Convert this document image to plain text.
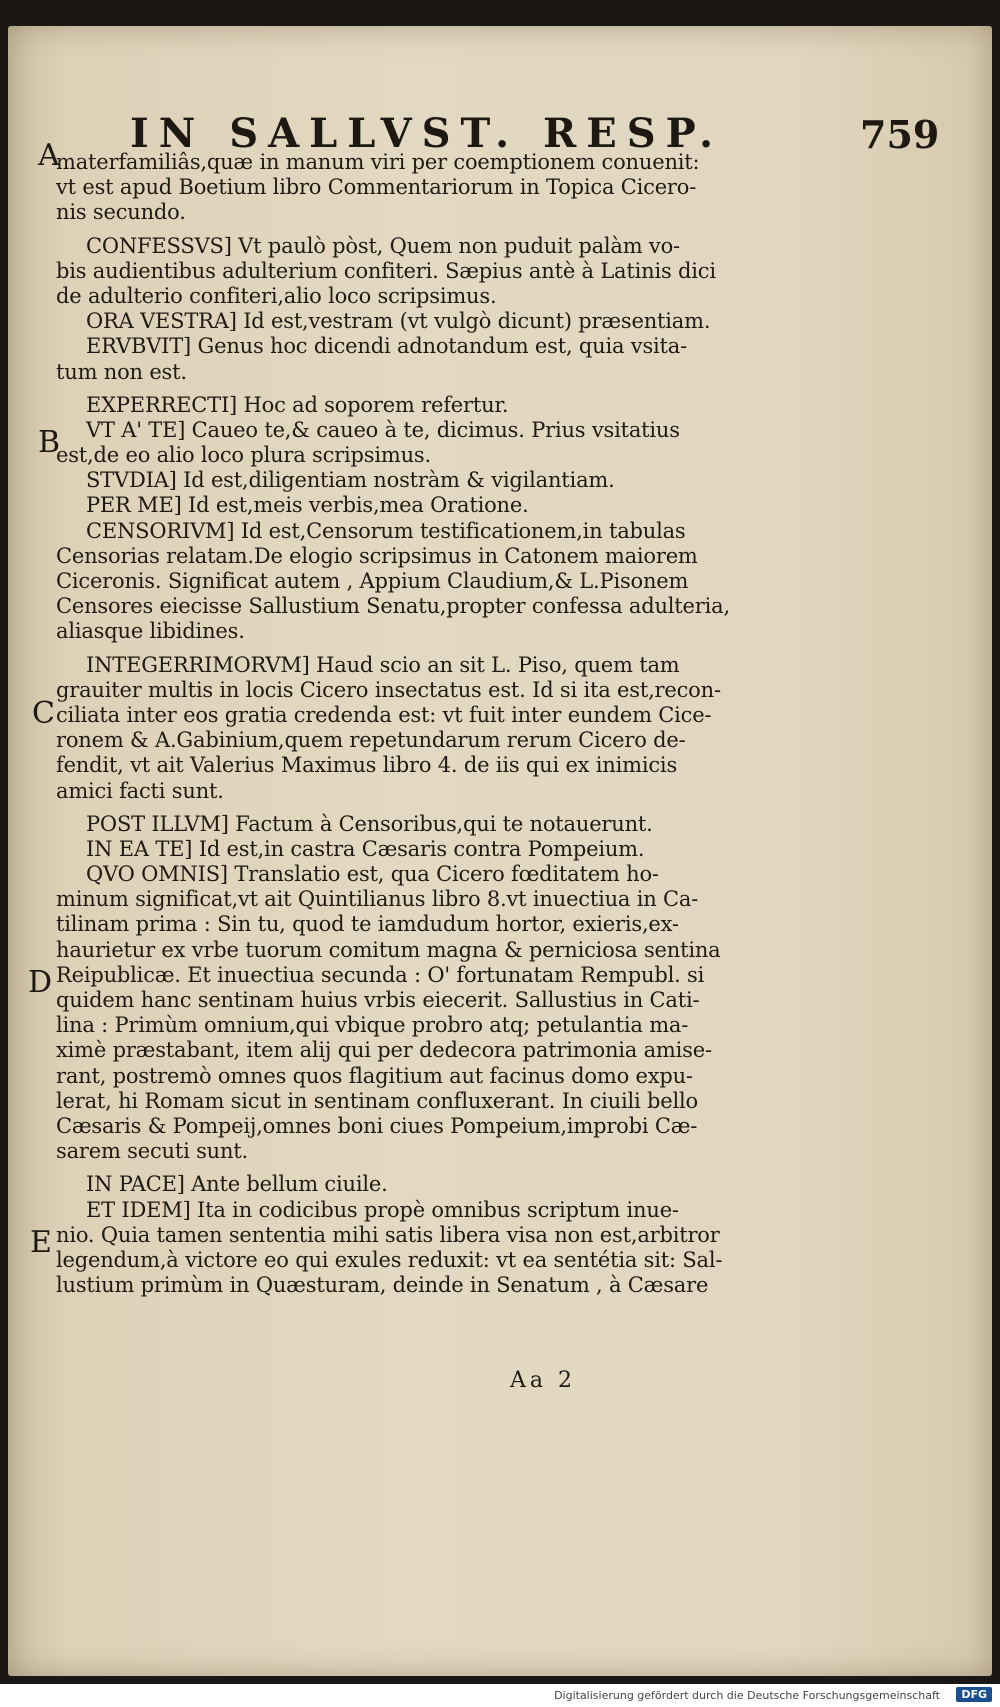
IN SALLVST. RESP.	759
A
B
C
D
E
materfamiliâs,quæ in manum viri per coemptionem conuenit:
vt est apud Boetium libro Commentariorum in Topica Cicero-
nis secundo.
CONFESSVS] Vt paulò pòst, Quem non puduit palàm vo-
bis audientibus adulterium confiteri. Sæpius antè à Latinis dici
de adulterio confiteri,alio loco scripsimus.
ORA VESTRA] Id est,vestram (vt vulgò dicunt) præsentiam.
ERVBVIT] Genus hoc dicendi adnotandum est, quia vsita-
tum non est.
EXPERRECTI] Hoc ad soporem refertur.
VT A' TE] Caueo te,& caueo à te, dicimus. Prius vsitatius
est,de eo alio loco plura scripsimus.
STVDIA] Id est,diligentiam nostràm & vigilantiam.
PER ME] Id est,meis verbis,mea Oratione.
CENSORIVM] Id est,Censorum testificationem,in tabulas
Censorias relatam.De elogio scripsimus in Catonem maiorem
Ciceronis. Significat autem , Appium Claudium,& L.Pisonem
Censores eiecisse Sallustium Senatu,propter confessa adulteria,
aliasque libidines.
INTEGERRIMORVM] Haud scio an sit L. Piso, quem tam
grauiter multis in locis Cicero insectatus est. Id si ita est,recon-
ciliata inter eos gratia credenda est: vt fuit inter eundem Cice-
ronem & A.Gabinium,quem repetundarum rerum Cicero de-
fendit, vt ait Valerius Maximus libro 4. de iis qui ex inimicis
amici facti sunt.
POST ILLVM] Factum à Censoribus,qui te notauerunt.
IN EA TE] Id est,in castra Cæsaris contra Pompeium.
QVO OMNIS] Translatio est, qua Cicero fœditatem ho-
minum significat,vt ait Quintilianus libro 8.vt inuectiua in Ca-
tilinam prima : Sin tu, quod te iamdudum hortor, exieris,ex-
haurietur ex vrbe tuorum comitum magna & perniciosa sentina
Reipublicæ. Et inuectiua secunda : O' fortunatam Rempubl. si
quidem hanc sentinam huius vrbis eiecerit. Sallustius in Cati-
lina : Primùm omnium,qui vbique probro atq; petulantia ma-
ximè præstabant, item alij qui per dedecora patrimonia amise-
rant, postremò omnes quos flagitium aut facinus domo expu-
lerat, hi Romam sicut in sentinam confluxerant. In ciuili bello
Cæsaris & Pompeij,omnes boni ciues Pompeium,improbi Cæ-
sarem secuti sunt.
IN PACE] Ante bellum ciuile.
ET IDEM] Ita in codicibus propè omnibus scriptum inue-
nio. Quia tamen sententia mihi satis libera visa non est,arbitror
legendum,à victore eo qui exules reduxit: vt ea sentétia sit: Sal-
lustium primùm in Quæsturam, deinde in Senatum , à Cæsare
Aa 2
Digitalisierung gefördert durch die Deutsche Forschungsgemeinschaft	DFG
